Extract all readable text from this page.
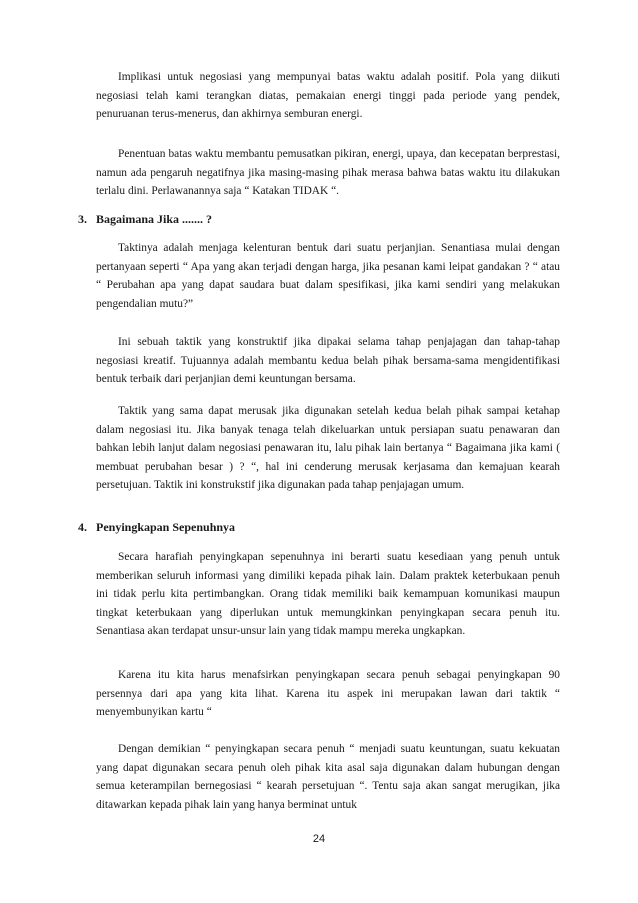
Implikasi untuk negosiasi yang mempunyai batas waktu adalah positif. Pola yang diikuti negosiasi telah kami terangkan diatas, pemakaian energi tinggi pada periode yang pendek, penuruanan terus-menerus, dan akhirnya semburan energi.

Penentuan batas waktu membantu pemusatkan pikiran, energi, upaya, dan kecepatan berprestasi, namun ada pengaruh negatifnya jika masing-masing pihak merasa bahwa batas waktu itu dilakukan terlalu dini. Perlawanannya saja “ Katakan TIDAK “.

3. Bagaimana Jika ....... ?

Taktinya adalah menjaga kelenturan bentuk dari suatu perjanjian. Senantiasa mulai dengan pertanyaan seperti “ Apa yang akan terjadi dengan harga, jika pesanan kami leipat gandakan ? “ atau “ Perubahan apa yang dapat saudara buat dalam spesifikasi, jika kami sendiri yang melakukan pengendalian mutu?”

Ini sebuah taktik yang konstruktif jika dipakai selama tahap penjajagan dan tahap-tahap negosiasi kreatif. Tujuannya adalah membantu kedua belah pihak bersama-sama mengidentifikasi bentuk terbaik dari perjanjian demi keuntungan bersama.

Taktik yang sama dapat merusak jika digunakan setelah kedua belah pihak sampai ketahap dalam negosiasi itu. Jika banyak tenaga telah dikeluarkan untuk persiapan suatu penawaran dan bahkan lebih lanjut dalam negosiasi penawaran itu, lalu pihak lain bertanya “ Bagaimana jika kami ( membuat perubahan besar ) ? “, hal ini cenderung merusak kerjasama dan kemajuan kearah persetujuan. Taktik ini konstrukstif jika digunakan pada tahap penjajagan umum.

4. Penyingkapan Sepenuhnya

Secara harafiah penyingkapan sepenuhnya ini berarti suatu kesediaan yang penuh untuk memberikan seluruh informasi yang dimiliki kepada pihak lain. Dalam praktek keterbukaan penuh ini tidak perlu kita pertimbangkan. Orang tidak memiliki baik kemampuan komunikasi maupun tingkat keterbukaan yang diperlukan untuk memungkinkan penyingkapan secara penuh itu. Senantiasa akan terdapat unsur-unsur lain yang tidak mampu mereka ungkapkan.

Karena itu kita harus menafsirkan penyingkapan secara penuh sebagai penyingkapan 90 persennya dari apa yang kita lihat. Karena itu aspek ini merupakan lawan dari taktik “ menyembunyikan kartu “

Dengan demikian “ penyingkapan secara penuh “ menjadi suatu keuntungan, suatu kekuatan yang dapat digunakan secara penuh oleh pihak kita asal saja digunakan dalam hubungan dengan semua keterampilan bernegosiasi “ kearah persetujuan “. Tentu saja akan sangat merugikan, jika ditawarkan kepada pihak lain yang hanya berminat untuk

24
